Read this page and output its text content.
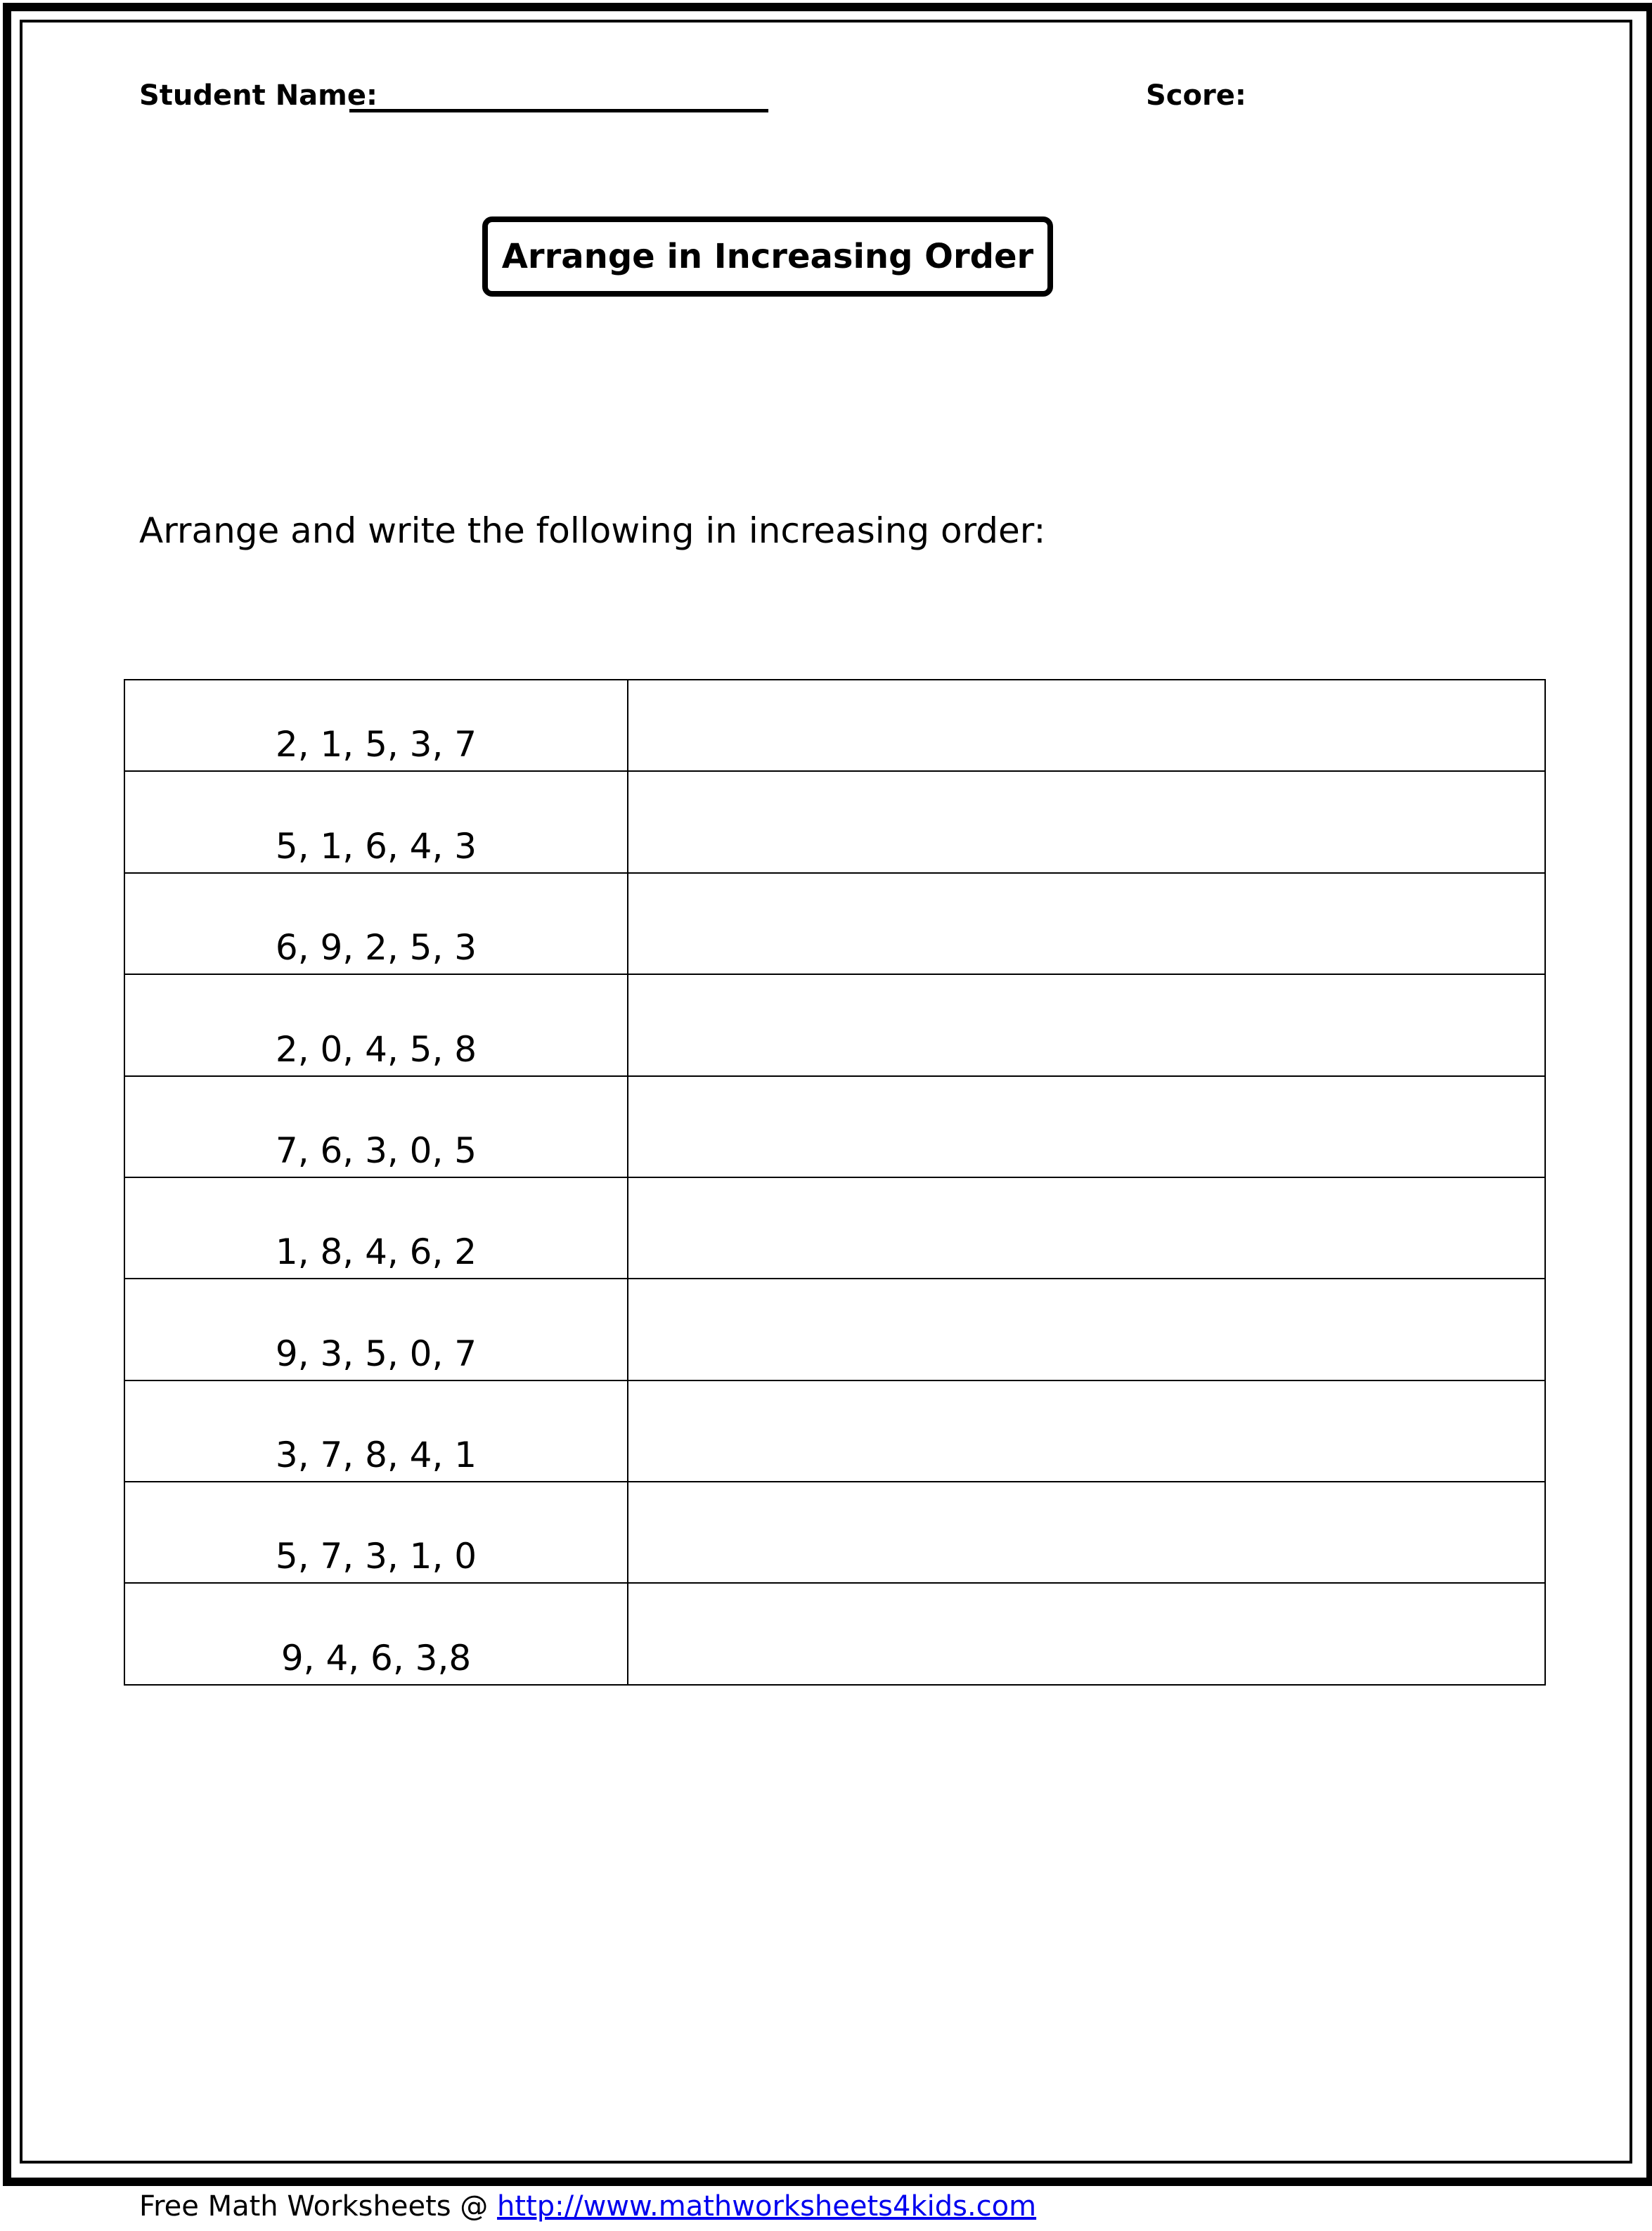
Student Name:	Score:
Arrange in Increasing Order
Arrange and write the following in increasing order:
2, 1, 5, 3, 7	
5, 1, 6, 4, 3	
6, 9, 2, 5, 3	
2, 0, 4, 5, 8	
7, 6, 3, 0, 5	
1, 8, 4, 6, 2	
9, 3, 5, 0, 7	
3, 7, 8, 4, 1	
5, 7, 3, 1, 0	
9, 4, 6, 3,8	
Free Math Worksheets @ http://www.mathworksheets4kids.com
